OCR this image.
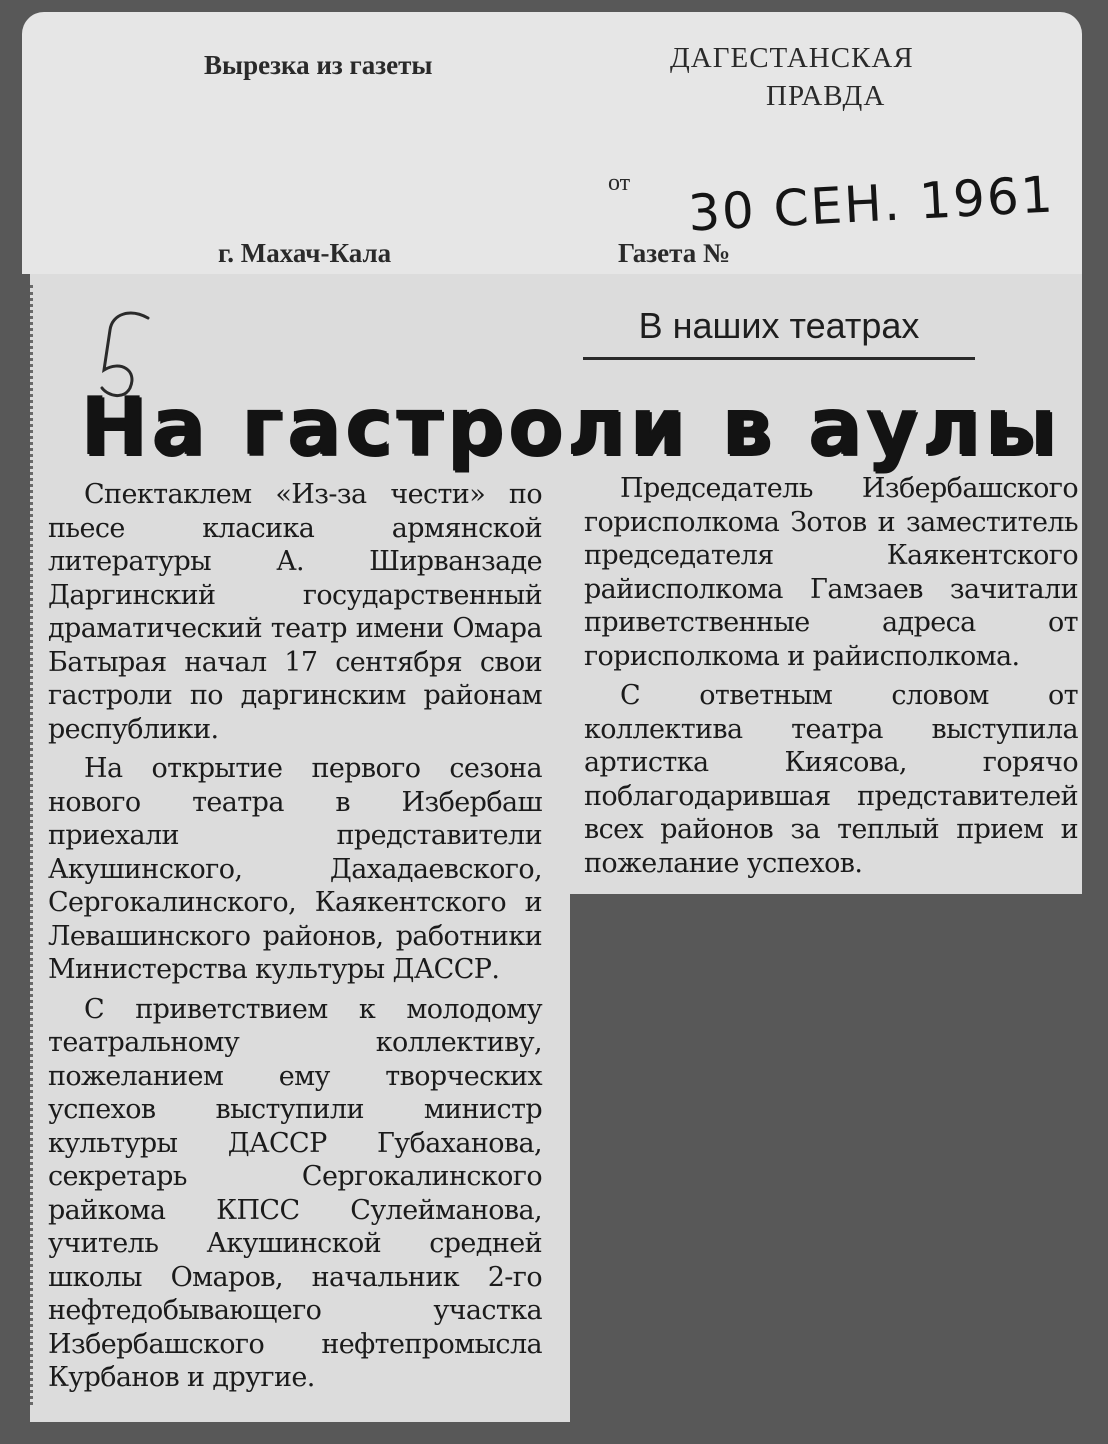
Вырезка из газеты	ДАГЕСТАНСКАЯ
ПРАВДА
от
г. Махач-Кала	Газета №
30 СЕН. 1961
В наших театрах
На гастроли в аулы

Спектаклем «Из-за чести» по пьесе класика армянской литературы А. Ширванзаде Даргинский государственный драматический театр имени Омара Батырая начал 17 сентября свои гастроли по даргинским районам республики.

На открытие первого сезона нового театра в Избербаш приехали представители Акушинского, Дахадаевского, Сергокалинского, Каякентского и Левашинского районов, работники Министерства культуры ДАССР.

С приветствием к молодому театральному коллективу, пожеланием ему творческих успехов выступили министр культуры ДАССР Губаханова, секретарь Сергокалинского райкома КПСС Сулейманова, учитель Акушинской средней школы Омаров, начальник 2-го нефтедобывающего участка Избербашского нефтепромысла Курбанов и другие.

Председатель Избербашского горисполкома Зотов и заместитель председателя Каякентского райисполкома Гамзаев зачитали приветственные адреса от горисполкома и райисполкома.

С ответным словом от коллектива театра выступила артистка Киясова, горячо поблагодарившая представителей всех районов за теплый прием и пожелание успехов.
